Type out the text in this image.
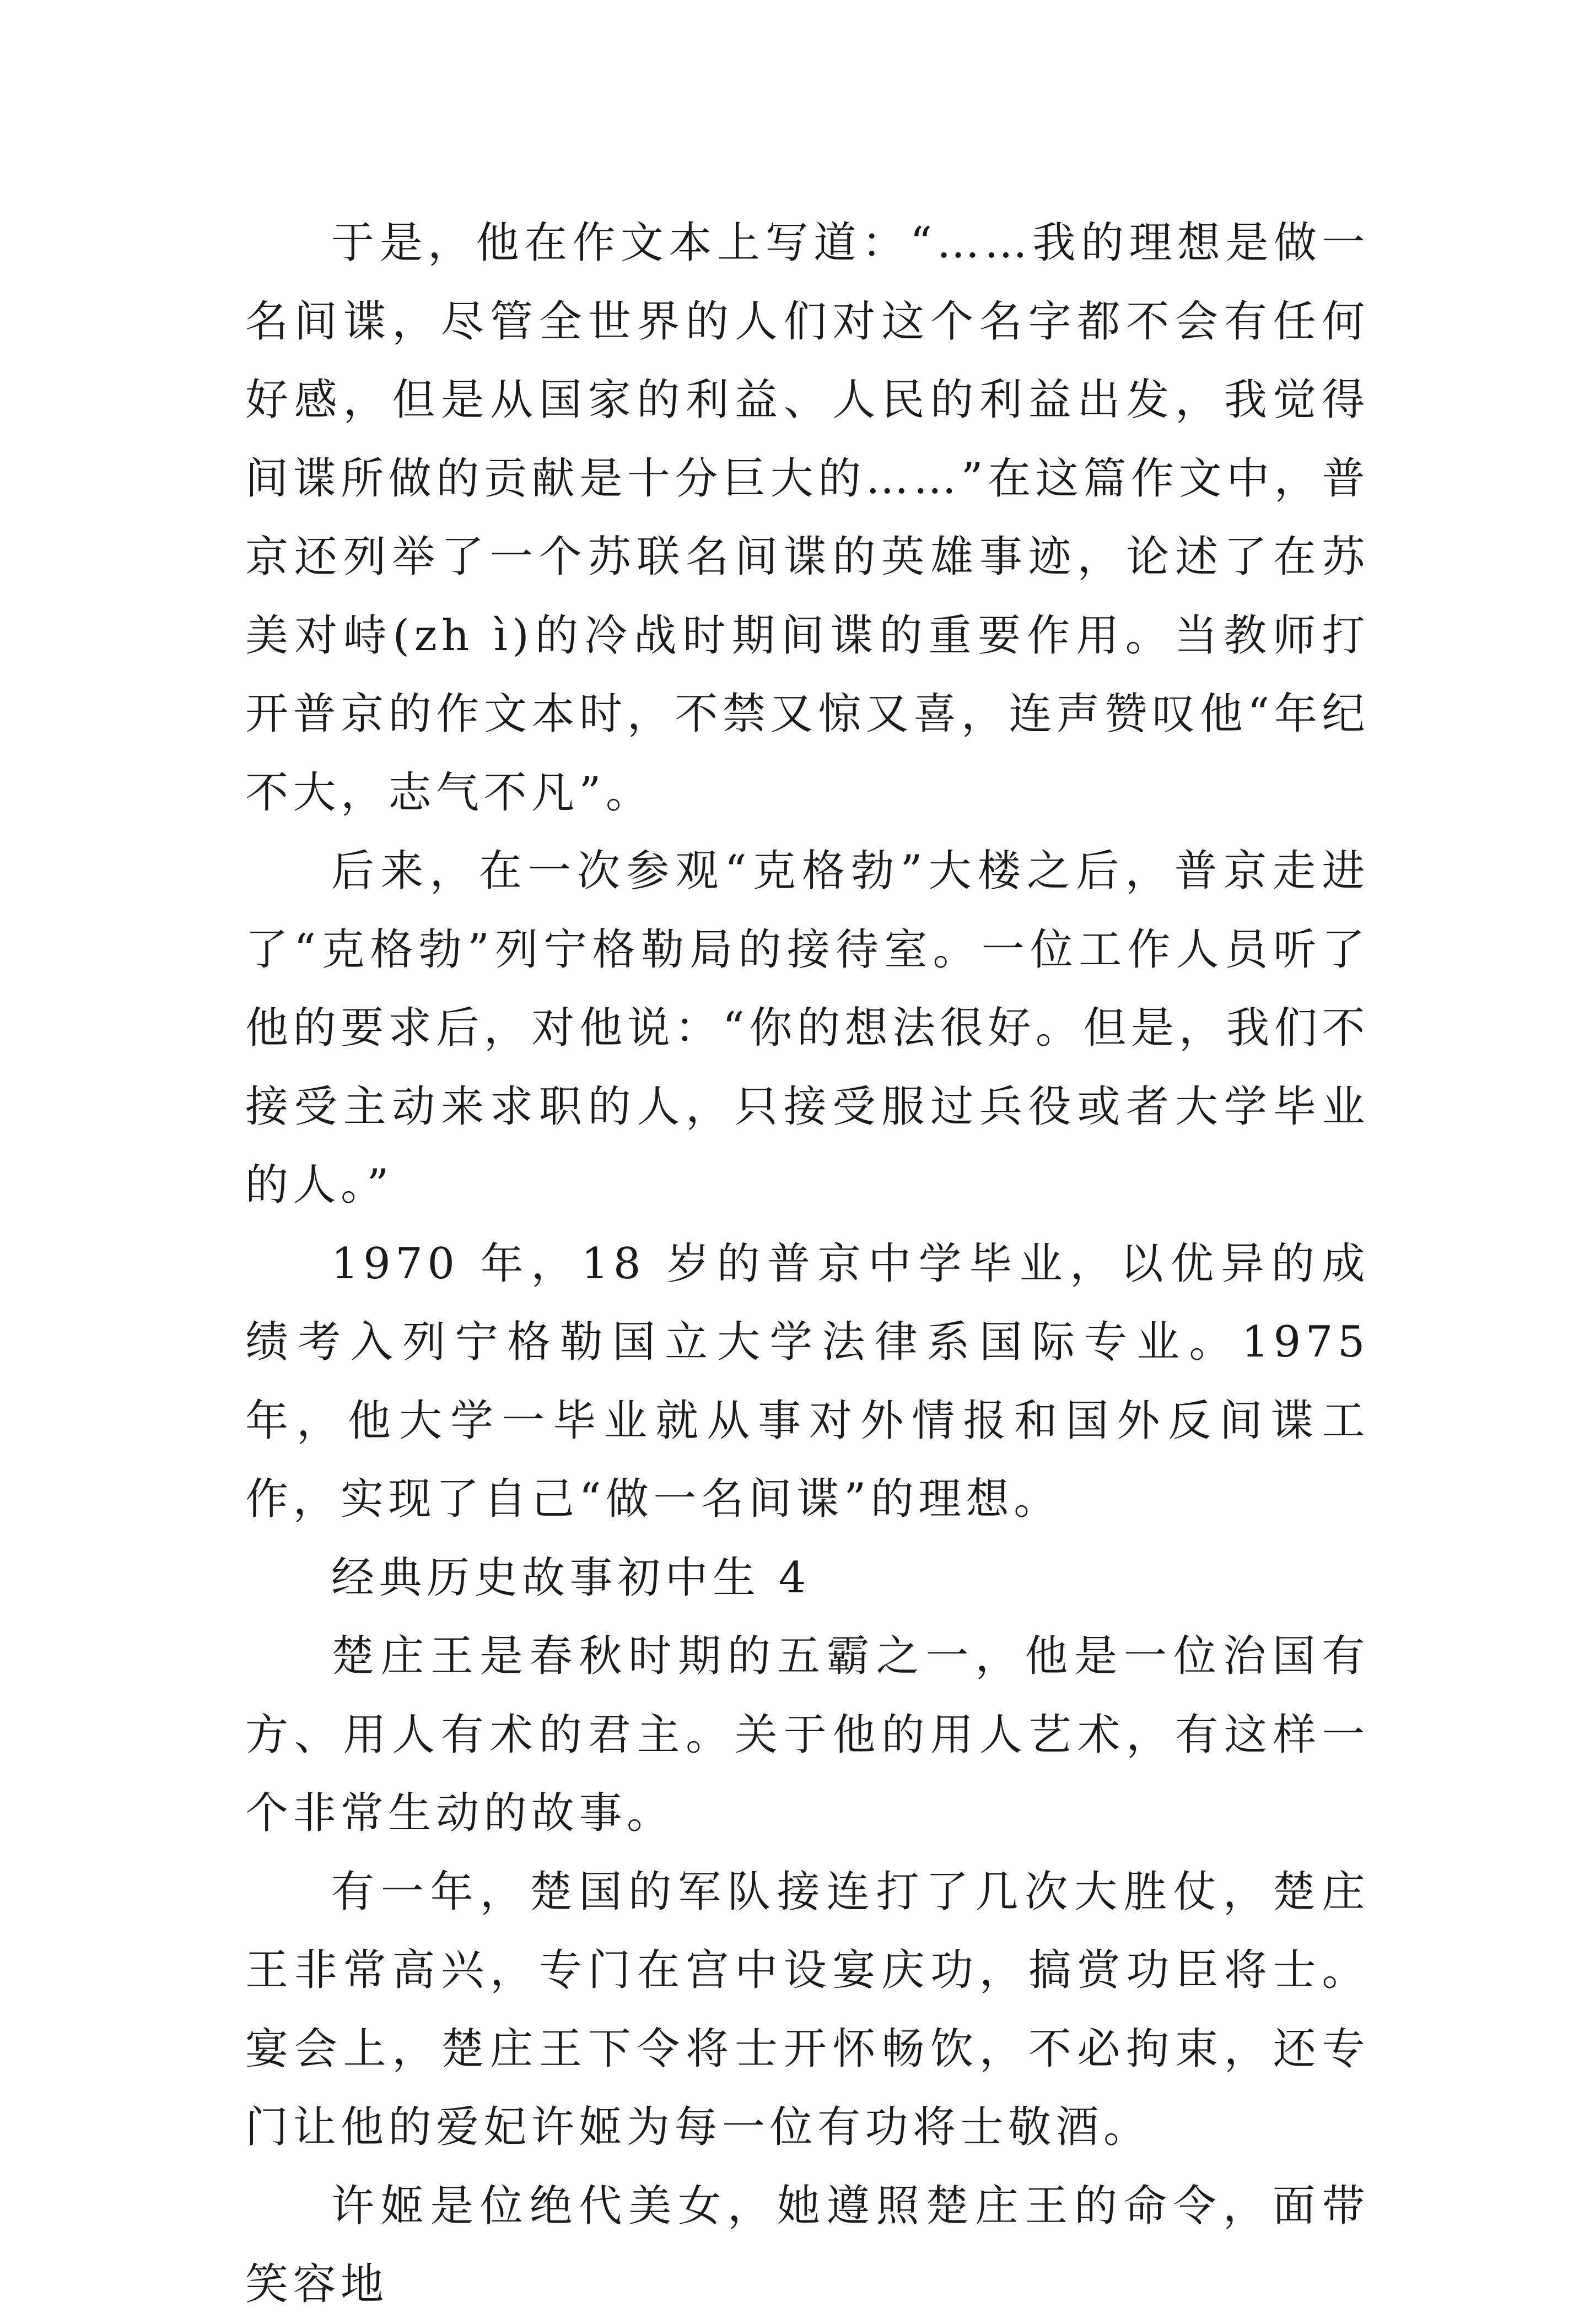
于是，他在作文本上写道：“……我的理想是做一名间谍，尽管全世界的人们对这个名字都不会有任何好感，但是从国家的利益、人民的利益出发，我觉得间谍所做的贡献是十分巨大的……”在这篇作文中，普京还列举了一个苏联名间谍的英雄事迹，论述了在苏美对峙(zh ì)的冷战时期间谍的重要作用。当教师打开普京的作文本时，不禁又惊又喜，连声赞叹他“年纪不大，志气不凡”。

后来，在一次参观“克格勃”大楼之后，普京走进了“克格勃”列宁格勒局的接待室。一位工作人员听了他的要求后，对他说：“你的想法很好。但是，我们不接受主动来求职的人，只接受服过兵役或者大学毕业的人。”

1970 年，18 岁的普京中学毕业，以优异的成绩考入列宁格勒国立大学法律系国际专业。1975 年，他大学一毕业就从事对外情报和国外反间谍工作，实现了自己“做一名间谍”的理想。

经典历史故事初中生 4

楚庄王是春秋时期的五霸之一，他是一位治国有方、用人有术的君主。关于他的用人艺术，有这样一个非常生动的故事。

有一年，楚国的军队接连打了几次大胜仗，楚庄王非常高兴，专门在宫中设宴庆功，搞赏功臣将士。宴会上，楚庄王下令将士开怀畅饮，不必拘束，还专门让他的爱妃许姬为每一位有功将士敬酒。

许姬是位绝代美女，她遵照楚庄王的命令，面带笑容地
